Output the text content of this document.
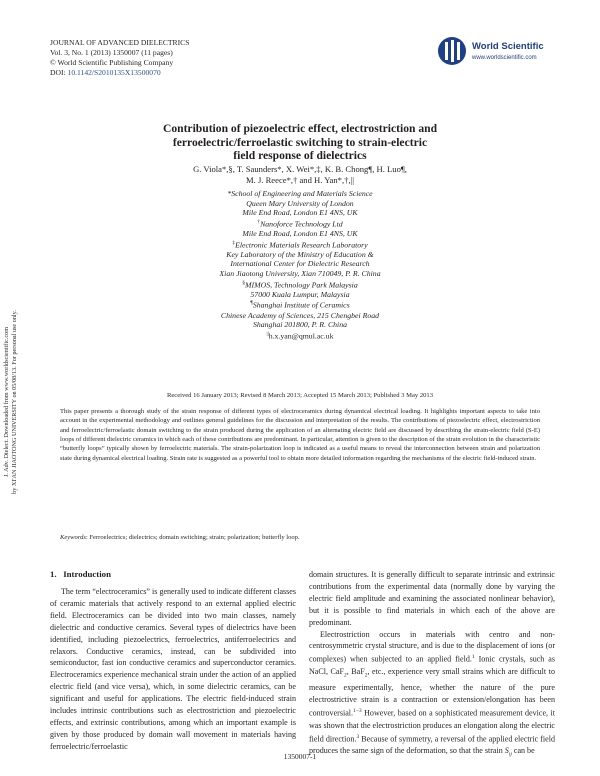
JOURNAL OF ADVANCED DIELECTRICS
Vol. 3, No. 1 (2013) 1350007 (11 pages)
© World Scientific Publishing Company
DOI: 10.1142/S2010135X13500070
World Scientific
www.worldscientific.com
J. Adv. Dielect. Downloaded from www.worldscientific.com by XI'AN JIAOTONG UNIVERSITY on 05/08/13. For personal use only.
Contribution of piezoelectric effect, electrostriction and
ferroelectric/ferroelastic switching to strain-electric
field response of dielectrics
G. Viola*,§, T. Saunders*, X. Wei*,‡, K. B. Chong¶, H. Luo¶,
M. J. Reece*,† and H. Yan*,†,||
*School of Engineering and Materials Science
Queen Mary University of London
Mile End Road, London E1 4NS, UK
†Nanoforce Technology Ltd
Mile End Road, London E1 4NS, UK
‡Electronic Materials Research Laboratory
Key Laboratory of the Ministry of Education &
International Center for Dielectric Research
Xian Jiaotong University, Xian 710049, P. R. China
§MIMOS, Technology Park Malaysia
57000 Kuala Lumpur, Malaysia
¶Shanghai Institute of Ceramics
Chinese Academy of Sciences, 215 Chengbei Road
Shanghai 201800, P. R. China
||h.x.yan@qmul.ac.uk
Received 16 January 2013; Revised 8 March 2013; Accepted 15 March 2013; Published 3 May 2013
This paper presents a thorough study of the strain response of different types of electroceramics during dynamical electrical loading. It highlights important aspects to take into account in the experimental methodology and outlines general guidelines for the discussion and interpretation of the results. The contributions of piezoelectric effect, electrostriction and ferroelectric/ferroelastic domain switching to the strain produced during the application of an alternating electric field are discussed by describing the strain-electric field (S-E) loops of different dielectric ceramics in which each of these contributions are predominant. In particular, attention is given to the description of the strain evolution in the characteristic “butterfly loops” typically shown by ferroelectric materials. The strain-polarization loop is indicated as a useful means to reveal the interconnection between strain and polarization state during dynamical electrical loading. Strain rate is suggested as a powerful tool to obtain more detailed information regarding the mechanisms of the electric field-induced strain.
Keywords: Ferroelectrics; dielectrics; domain switching; strain; polarization; butterfly loop.
1. Introduction

The term “electroceramics” is generally used to indicate different classes of ceramic materials that actively respond to an external applied electric field. Electroceramics can be divided into two main classes, namely dielectric and conductive ceramics. Several types of dielectrics have been identified, including piezoelectrics, ferroelectrics, antiferroelectrics and relaxors. Conductive ceramics, instead, can be subdivided into semiconductor, fast ion conductive ceramics and superconductor ceramics. Electroceramics experience mechanical strain under the action of an applied electric field (and vice versa), which, in some dielectric ceramics, can be significant and useful for applications. The electric field-induced strain includes intrinsic contributions such as electrostriction and piezoelectric effects, and extrinsic contributions, among which an important example is given by those produced by domain wall movement in materials having ferroelectric/ferroelastic

domain structures. It is generally difficult to separate intrinsic and extrinsic contributions from the experimental data (normally done by varying the electric field amplitude and examining the associated nonlinear behavior), but it is possible to find materials in which each of the above are predominant.

Electrostriction occurs in materials with centro and non-centrosymmetric crystal structure, and is due to the displacement of ions (or complexes) when subjected to an applied field.$^1$ Ionic crystals, such as NaCl, CaF$_2$, BaF$_2$, etc., experience very small strains which are difficult to measure experimentally, hence, whether the nature of the pure electrostrictive strain is a contraction or extension/elongation has been controversial.$^{1-3}$ However, based on a sophisticated measurement device, it was shown that the electrostriction produces an elongation along the electric field direction.$^3$ Because of symmetry, a reversal of the applied electric field produces the same sign of the deformation, so that the strain $S_{ij}$ can be

1350007-1
